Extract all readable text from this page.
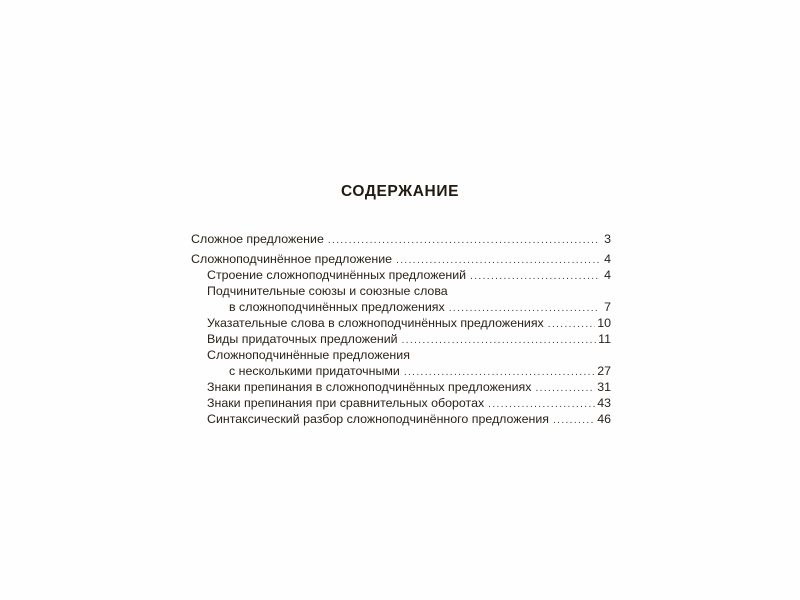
СОДЕРЖАНИЕ
Сложное предложение .....	3
Сложноподчинённое предложение .....	4
Строение сложноподчинённых предложений .....	4
Подчинительные союзы и союзные слова
в сложноподчинённых предложениях .....	7
Указательные слова в сложноподчинённых предложениях .....	10
Виды придаточных предложений .....	11
Сложноподчинённые предложения
с несколькими придаточными .....	27
Знаки препинания в сложноподчинённых предложениях .....	31
Знаки препинания при сравнительных оборотах .....	43
Синтаксический разбор сложноподчинённого предложения .....	46
